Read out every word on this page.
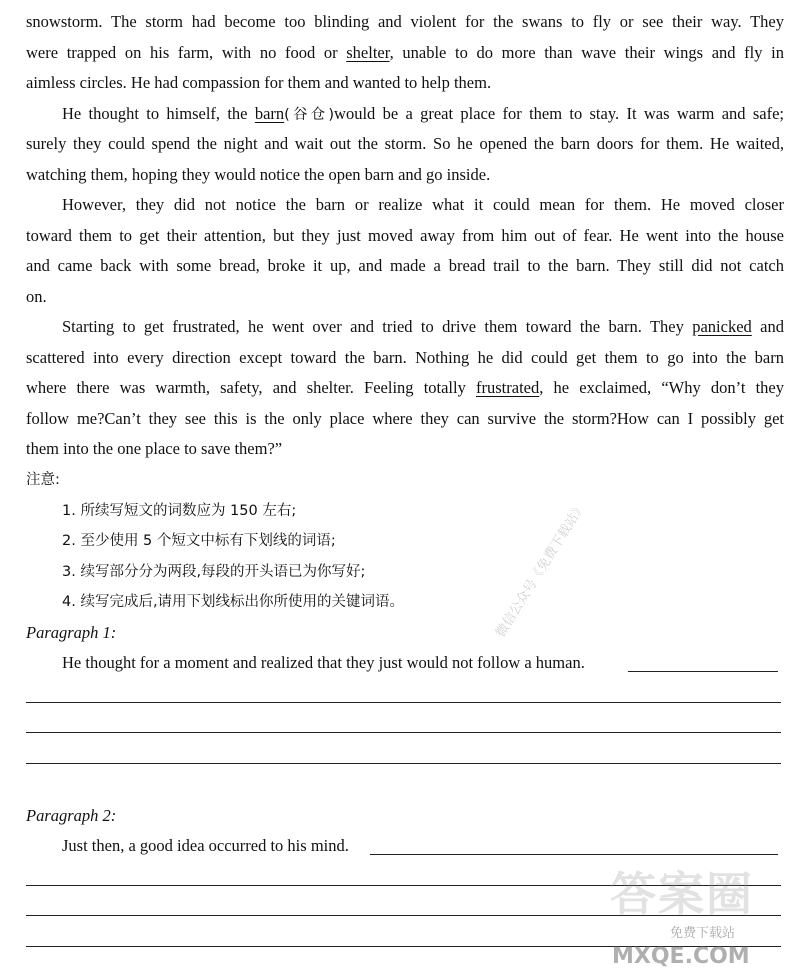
snowstorm. The storm had become too blinding and violent for the swans to fly or see their way. They
were trapped on his farm, with no food or shelter, unable to do more than wave their wings and fly in
aimless circles. He had compassion for them and wanted to help them.
He thought to himself, the barn(谷仓)would be a great place for them to stay. It was warm and safe;
surely they could spend the night and wait out the storm. So he opened the barn doors for them. He waited,
watching them, hoping they would notice the open barn and go inside.
However, they did not notice the barn or realize what it could mean for them. He moved closer
toward them to get their attention, but they just moved away from him out of fear. He went into the house
and came back with some bread, broke it up, and made a bread trail to the barn. They still did not catch
on.
Starting to get frustrated, he went over and tried to drive them toward the barn. They panicked and
scattered into every direction except toward the barn. Nothing he did could get them to go into the barn
where there was warmth, safety, and shelter. Feeling totally frustrated, he exclaimed, “Why don’t they
follow me?Can’t they see this is the only place where they can survive the storm?How can I possibly get
them into the one place to save them?”
注意:
1. 所续写短文的词数应为 150 左右;
2. 至少使用 5 个短文中标有下划线的词语;
3. 续写部分分为两段,每段的开头语已为你写好;
4. 续写完成后,请用下划线标出你所使用的关键词语。
Paragraph 1:
He thought for a moment and realized that they just would not follow a human.
Paragraph 2:
Just then, a good idea occurred to his mind.
微信公众号《免费下载站》
答案圈
免费下载站
MXQE.COM
